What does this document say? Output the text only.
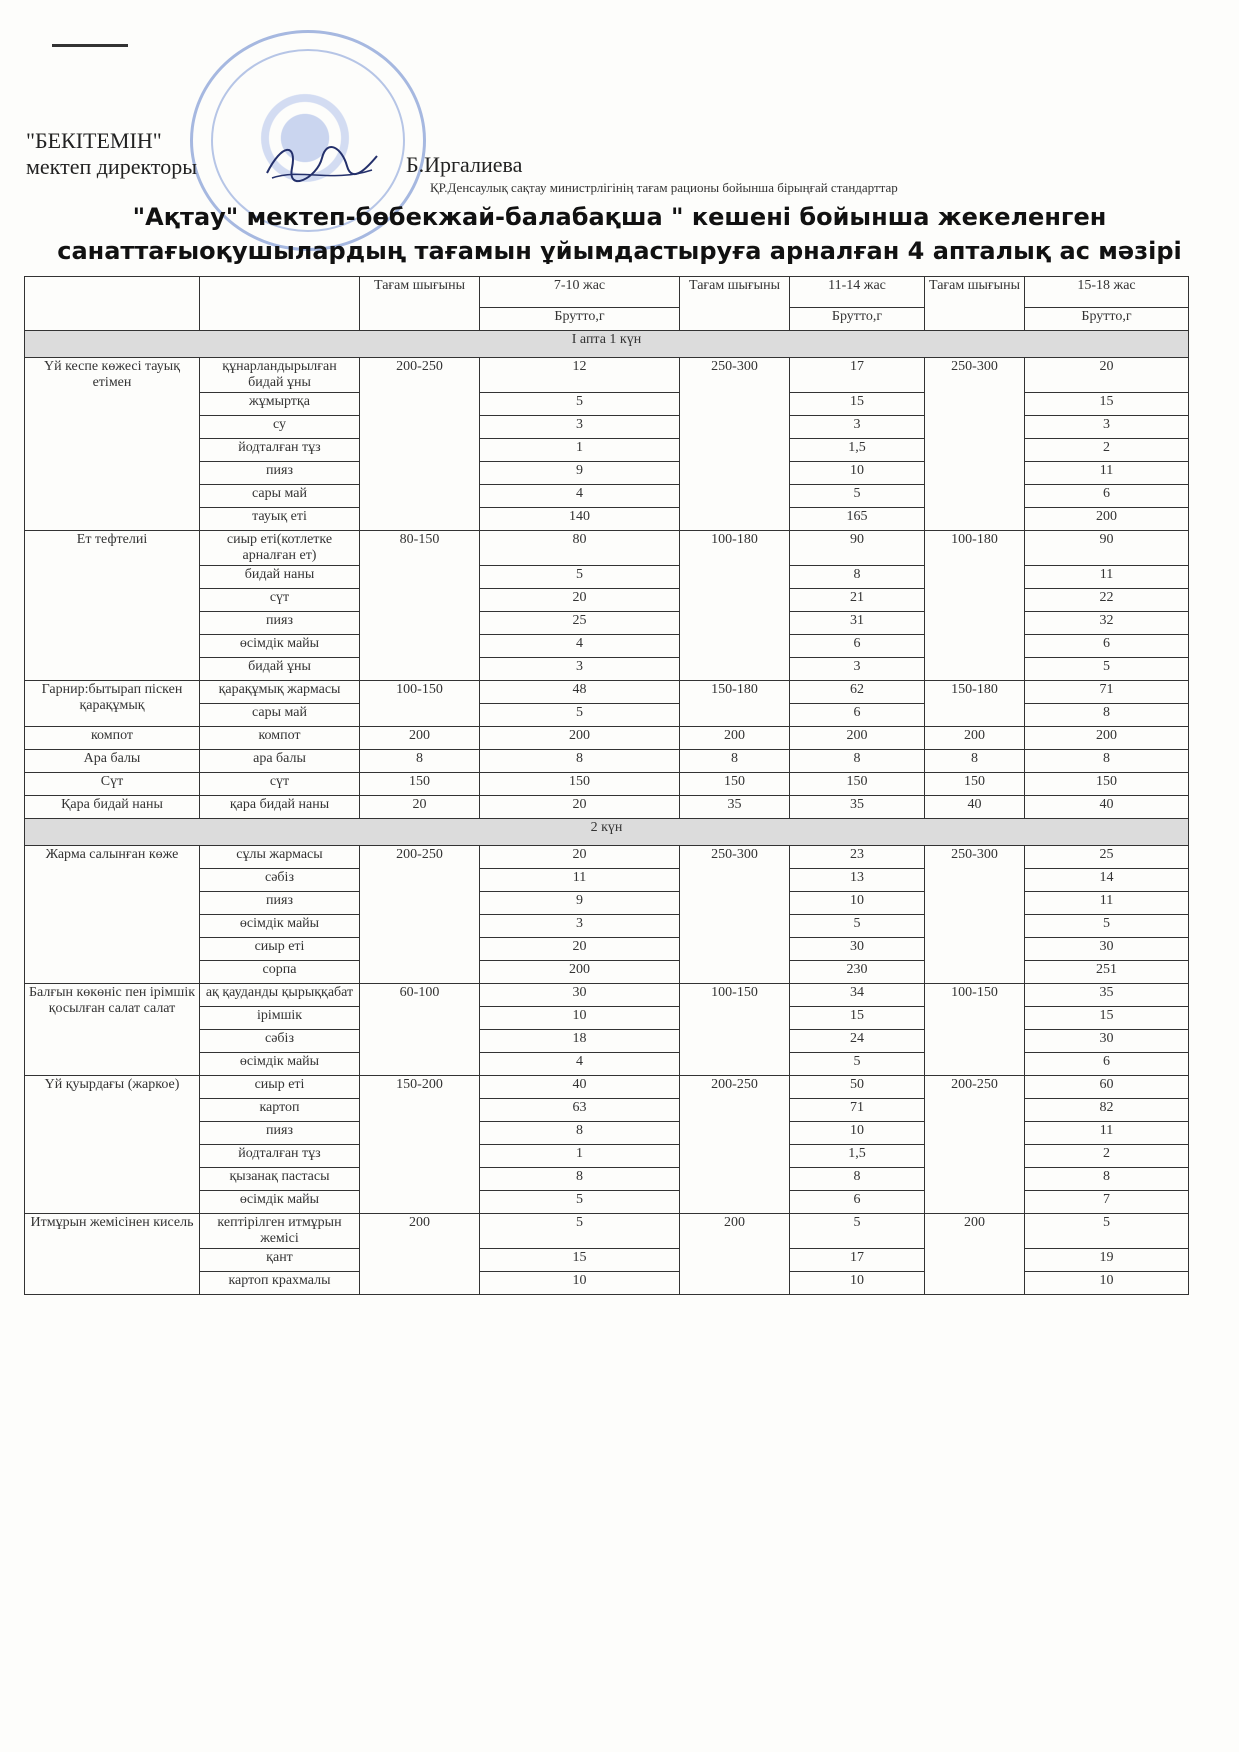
"БЕКІТЕМІН"
мектеп директоры	Б.Иргалиева
ҚР.Денсаулық сақтау министрлігінің тағам рационы бойынша бірыңғай стандарттар
"Ақтау" мектеп-бөбекжай-балабақша " кешені бойынша жекеленген
санаттағыоқушылардың тағамын ұйымдастыруға арналған 4 апталық ас мәзірі
		Тағам шығыны	7-10 жас	Тағам шығыны	11-14 жас	Тағам шығыны	15-18 жас
			Брутто,г		Брутто,г		Брутто,г
I апта 1 күн							
Үй кеспе көжесі тауық етімен	құнарландырылған бидай ұны	200-250	12	250-300	17	250-300	20
	жұмыртқа		5		15		15
	су		3		3		3
	йодталған тұз		1		1,5		2
	пияз		9		10		11
	сары май		4		5		6
	тауық еті		140		165		200
Ет тефтелиі	сиыр еті(котлетке арналған ет)	80-150	80	100-180	90	100-180	90
	бидай наны		5		8		11
	сүт		20		21		22
	пияз		25		31		32
	өсімдік майы		4		6		6
	бидай ұны		3		3		5
Гарнир:бытырап піскен қарақұмық	қарақұмық жармасы	100-150	48	150-180	62	150-180	71
	сары май		5		6		8
компот	компот	200	200	200	200	200	200
Ара балы	ара балы	8	8	8	8	8	8
Сүт	сүт	150	150	150	150	150	150
Қара бидай наны	қара бидай наны	20	20	35	35	40	40
2 күн							
Жарма салынған көже	сұлы жармасы	200-250	20	250-300	23	250-300	25
	сәбіз		11		13		14
	пияз		9		10		11
	өсімдік майы		3		5		5
	сиыр еті		20		30		30
	сорпа		200		230		251
Балғын көкөніс пен ірімшік қосылған салат салат	ақ қауданды қырыққабат	60-100	30	100-150	34	100-150	35
	ірімшік		10		15		15
	сәбіз		18		24		30
	өсімдік майы		4		5		6
Үй қуырдағы (жаркое)	сиыр еті	150-200	40	200-250	50	200-250	60
	картоп		63		71		82
	пияз		8		10		11
	йодталған тұз		1		1,5		2
	қызанақ пастасы		8		8		8
	өсімдік майы		5		6		7
Итмұрын жемісінен кисель	кептірілген итмұрын жемісі	200	5	200	5	200	5
	қант		15		17		19
	картоп крахмалы		10		10		10
